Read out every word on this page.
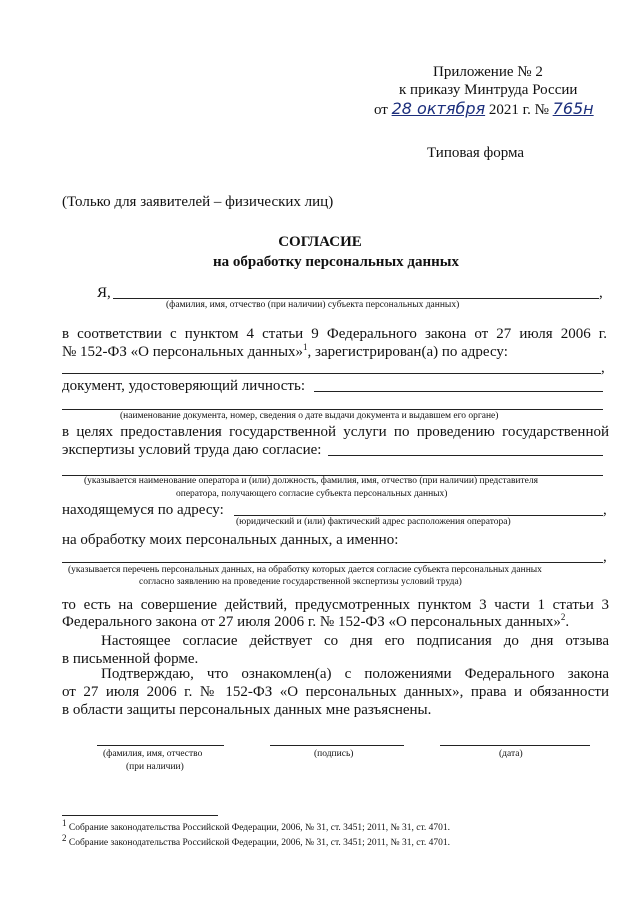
Приложение № 2
к приказу Минтруда России
от 28 октября 2021 г. № 765н
Типовая форма
(Только для заявителей – физических лиц)
СОГЛАСИЕ
на обработку персональных данных
Я,	,
(фамилия, имя, отчество (при наличии) субъекта персональных данных)
в соответствии с пунктом 4 статьи 9 Федерального закона от 27 июля 2006 г.
№ 152-ФЗ «О персональных данных»$^1$, зарегистрирован(а) по адресу:
,
документ, удостоверяющий личность:
(наименование документа, номер, сведения о дате выдачи документа и выдавшем его органе)
в целях предоставления государственной услуги по проведению государственной
экспертизы условий труда даю согласие:
(указывается наименование оператора и (или) должность, фамилия, имя, отчество (при наличии) представителя
оператора, получающего согласие субъекта персональных данных)
находящемуся по адресу:	,
(юридический и (или) фактический адрес расположения оператора)
на обработку моих персональных данных, а именно:
,
(указывается перечень персональных данных, на обработку которых дается согласие субъекта персональных данных
согласно заявлению на проведение государственной экспертизы условий труда)
то есть на совершение действий, предусмотренных пунктом 3 части 1 статьи 3
Федерального закона от 27 июля 2006 г. № 152-ФЗ «О персональных данных»$^2$.
Настоящее согласие действует со дня его подписания до дня отзыва
в письменной форме.
Подтверждаю, что ознакомлен(а) с положениями Федерального закона
от 27 июля 2006 г. № 152-ФЗ «О персональных данных», права и обязанности
в области защиты персональных данных мне разъяснены.
(фамилия, имя, отчество
(при наличии)
(подпись)	(дата)
$^1$ Собрание законодательства Российской Федерации, 2006, № 31, ст. 3451; 2011, № 31, ст. 4701.
$^2$ Собрание законодательства Российской Федерации, 2006, № 31, ст. 3451; 2011, № 31, ст. 4701.
